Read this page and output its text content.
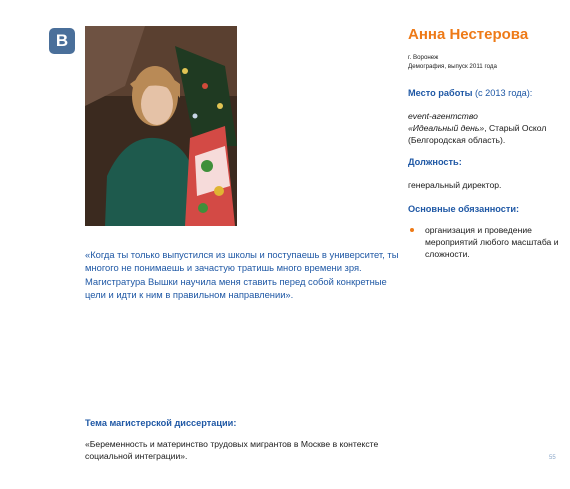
B

«Когда ты только выпустился из школы и поступаешь в университет, ты многого не понимаешь и зачастую тратишь много времени зря. Магистратура Вышки научила меня ставить перед собой конкретные цели и идти к ним в правильном направлении».

Анна Нестерова

г. Воронеж

Демография, выпуск 2011 года

Место работы (с 2013 года):

event-агентство
«Идеальный день», Старый Оскол (Белгородская область).

Должность:

генеральный директор.

Основные обязанности:

организация и проведение мероприятий любого масштаба и сложности.

Тема магистерской диссертации:

«Беременность и материнство трудовых мигрантов в Москве в контексте социальной интеграции».	55
